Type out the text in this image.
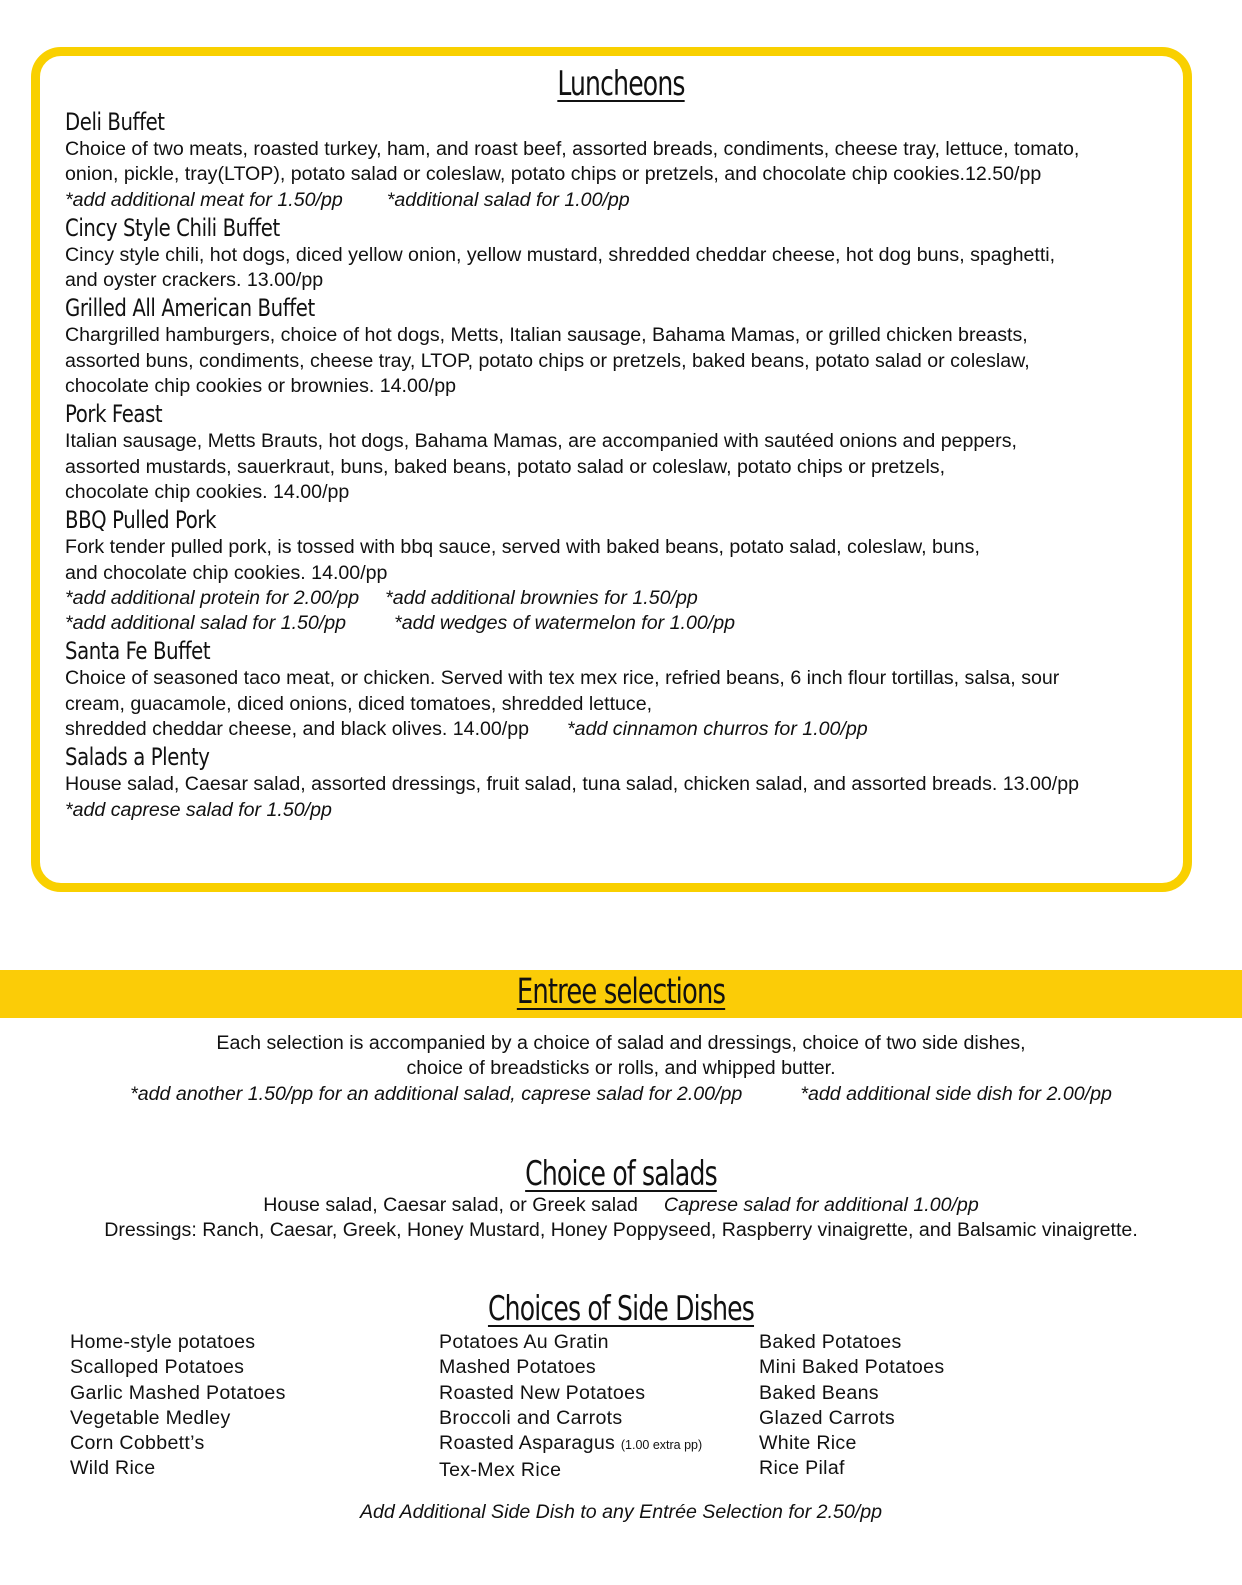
Luncheons
Deli Buffet
Choice of two meats, roasted turkey, ham, and roast beef, assorted breads, condiments, cheese tray, lettuce, tomato,
onion, pickle, tray(LTOP), potato salad or coleslaw, potato chips or pretzels, and chocolate chip cookies.12.50/pp
*add additional meat for 1.50/pp *additional salad for 1.00/pp
Cincy Style Chili Buffet
Cincy style chili, hot dogs, diced yellow onion, yellow mustard, shredded cheddar cheese, hot dog buns, spaghetti,
and oyster crackers. 13.00/pp
Grilled All American Buffet
Chargrilled hamburgers, choice of hot dogs, Metts, Italian sausage, Bahama Mamas, or grilled chicken breasts,
assorted buns, condiments, cheese tray, LTOP, potato chips or pretzels, baked beans, potato salad or coleslaw,
chocolate chip cookies or brownies. 14.00/pp
Pork Feast
Italian sausage, Metts Brauts, hot dogs, Bahama Mamas, are accompanied with sautéed onions and peppers,
assorted mustards, sauerkraut, buns, baked beans, potato salad or coleslaw, potato chips or pretzels,
chocolate chip cookies. 14.00/pp
BBQ Pulled Pork
Fork tender pulled pork, is tossed with bbq sauce, served with baked beans, potato salad, coleslaw, buns,
and chocolate chip cookies. 14.00/pp
*add additional protein for 2.00/pp *add additional brownies for 1.50/pp
*add additional salad for 1.50/pp *add wedges of watermelon for 1.00/pp
Santa Fe Buffet
Choice of seasoned taco meat, or chicken. Served with tex mex rice, refried beans, 6 inch flour tortillas, salsa, sour
cream, guacamole, diced onions, diced tomatoes, shredded lettuce,
shredded cheddar cheese, and black olives. 14.00/pp *add cinnamon churros for 1.00/pp
Salads a Plenty
House salad, Caesar salad, assorted dressings, fruit salad, tuna salad, chicken salad, and assorted breads. 13.00/pp
*add caprese salad for 1.50/pp
Entree selections
Each selection is accompanied by a choice of salad and dressings, choice of two side dishes,
choice of breadsticks or rolls, and whipped butter.
*add another 1.50/pp for an additional salad, caprese salad for 2.00/pp	*add additional side dish for 2.00/pp
Choice of salads
House salad, Caesar salad, or Greek salad Caprese salad for additional 1.00/pp
Dressings: Ranch, Caesar, Greek, Honey Mustard, Honey Poppyseed, Raspberry vinaigrette, and Balsamic vinaigrette.
Choices of Side Dishes
Home-style potatoes
Scalloped Potatoes
Garlic Mashed Potatoes
Vegetable Medley
Corn Cobbett’s
Wild Rice
Potatoes Au Gratin
Mashed Potatoes
Roasted New Potatoes
Broccoli and Carrots
Roasted Asparagus (1.00 extra pp)
Tex-Mex Rice
Baked Potatoes
Mini Baked Potatoes
Baked Beans
Glazed Carrots
White Rice
Rice Pilaf
Add Additional Side Dish to any Entrée Selection for 2.50/pp
